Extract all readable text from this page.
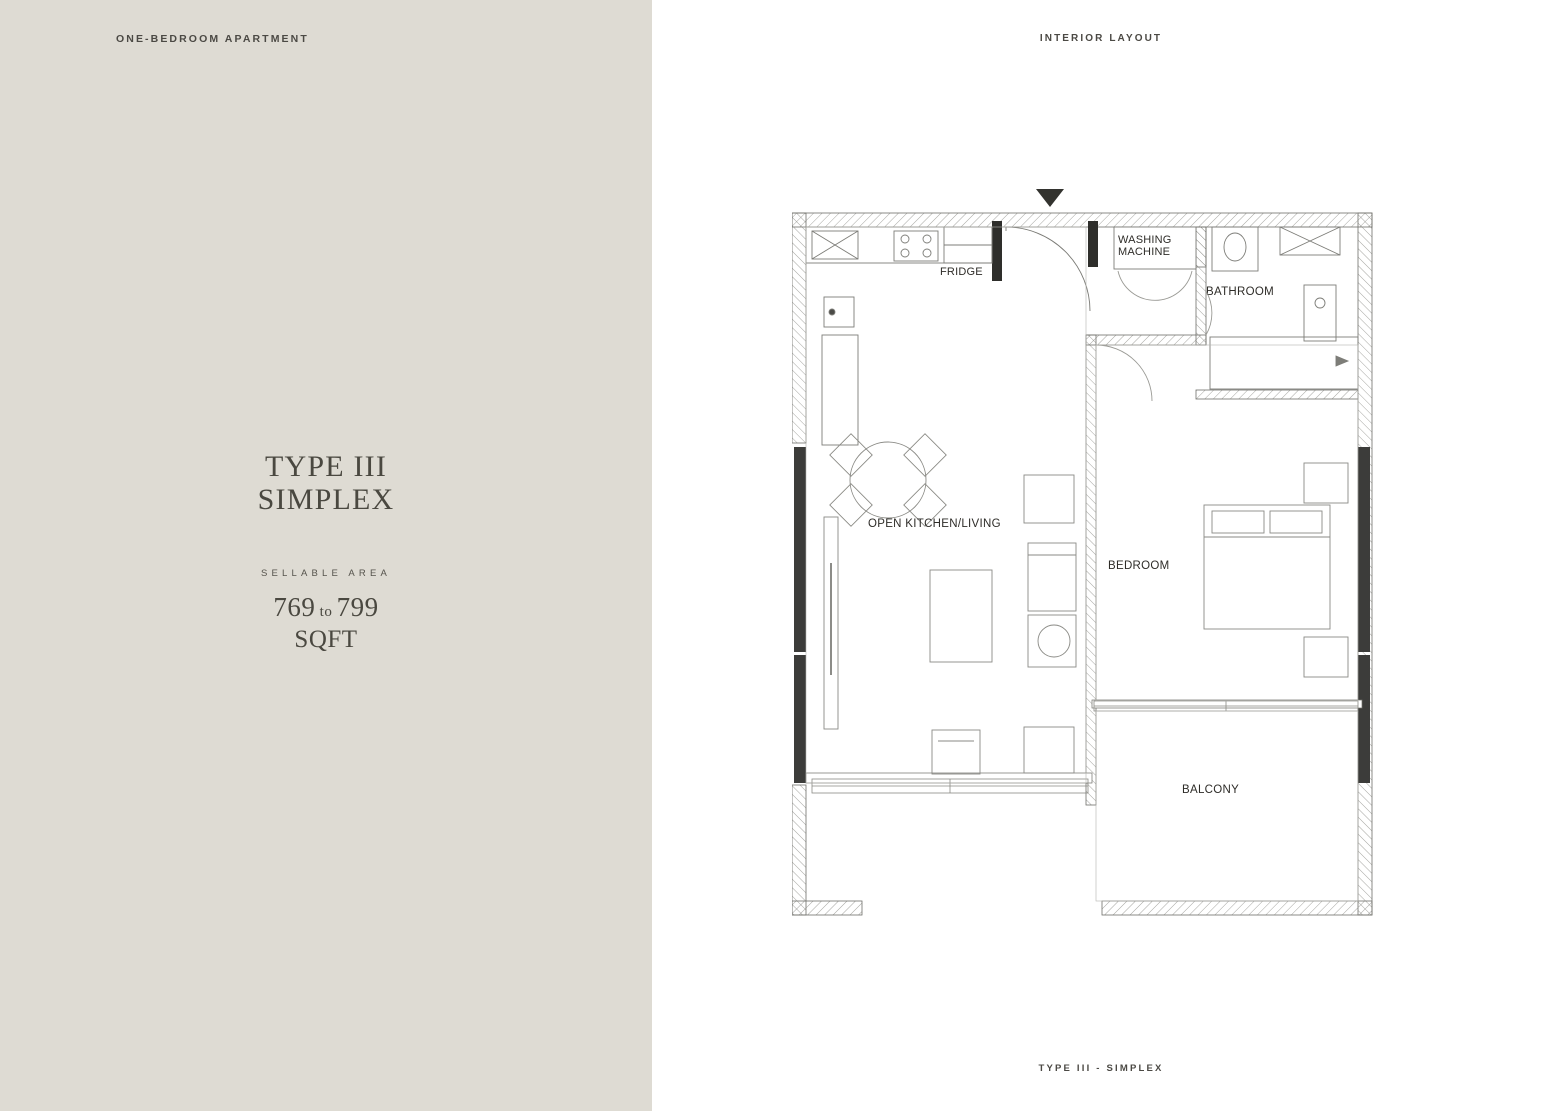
ONE-BEDROOM APARTMENT
TYPE III
SIMPLEX
SELLABLE AREA
769 to 799
SQFT
INTERIOR LAYOUT
FRIDGE
WASHING
MACHINE
BATHROOM
BEDROOM
BALCONY
OPEN KITCHEN/LIVING
TYPE III - SIMPLEX
